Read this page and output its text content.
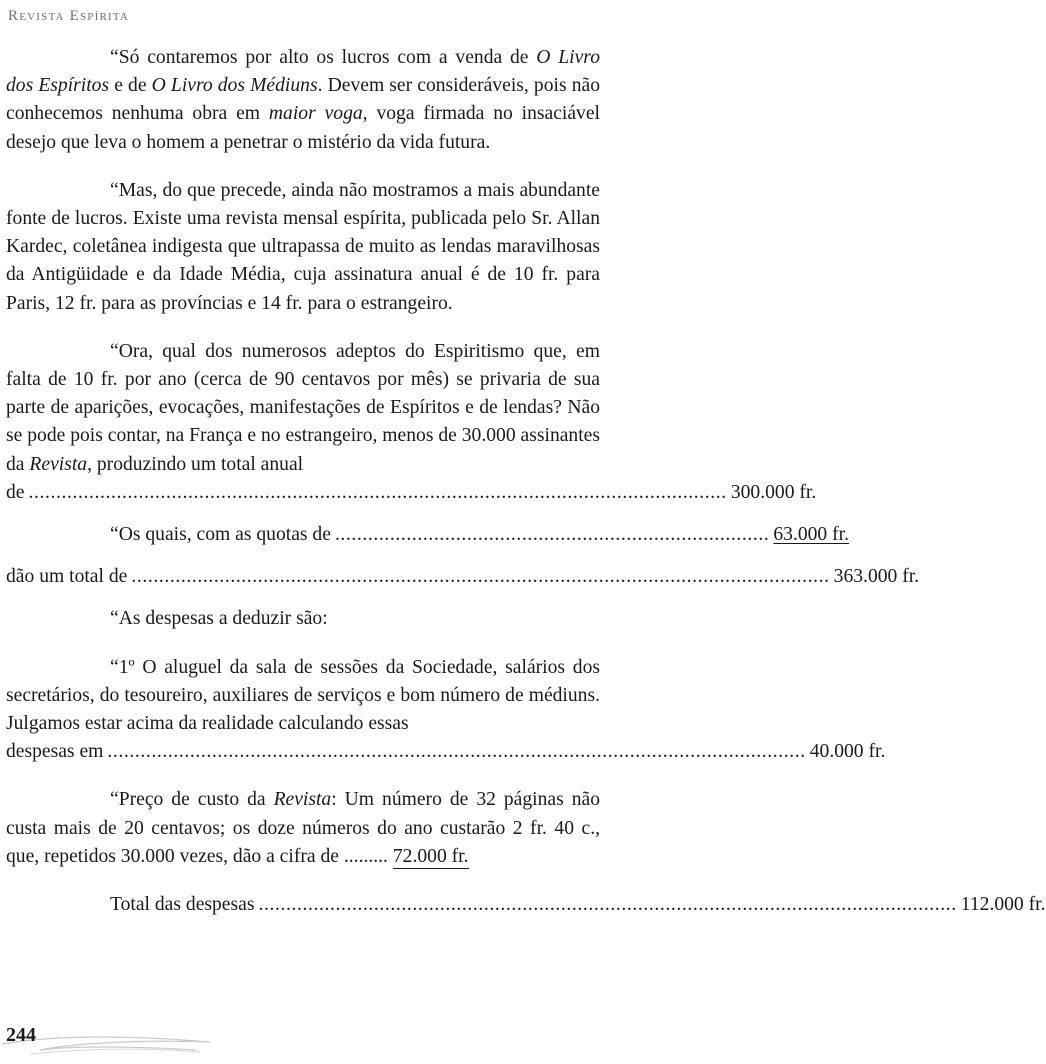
Revista Espírita

“Só contaremos por alto os lucros com a venda de O Livro dos Espíritos e de O Livro dos Médiuns. Devem ser consideráveis, pois não conhecemos nenhuma obra em maior voga, voga firmada no insaciável desejo que leva o homem a penetrar o mistério da vida futura.

“Mas, do que precede, ainda não mostramos a mais abundante fonte de lucros. Existe uma revista mensal espírita, publicada pelo Sr. Allan Kardec, coletânea indigesta que ultrapassa de muito as lendas maravilhosas da Antigüidade e da Idade Média, cuja assinatura anual é de 10 fr. para Paris, 12 fr. para as províncias e 14 fr. para o estrangeiro.

“Ora, qual dos numerosos adeptos do Espiritismo que, em falta de 10 fr. por ano (cerca de 90 centavos por mês) se privaria de sua parte de aparições, evocações, manifestações de Espíritos e de lendas? Não se pode pois contar, na França e no estrangeiro, menos de 30.000 assinantes da Revista, produzindo um total anual

de ............................................................................................................................... 300.000 fr.
“Os quais, com as quotas de ............................................................................... 63.000 fr.
dão um total de ............................................................................................................................... 363.000 fr.

“As despesas a deduzir são:

“1º O aluguel da sala de sessões da Sociedade, salários dos secretários, do tesoureiro, auxiliares de serviços e bom número de médiuns. Julgamos estar acima da realidade calculando essas

despesas em ............................................................................................................................... 40.000 fr.

“Preço de custo da Revista: Um número de 32 páginas não custa mais de 20 centavos; os doze números do ano custarão 2 fr. 40 c., que, repetidos 30.000 vezes, dão a cifra de ......... 72.000 fr.

Total das despesas ............................................................................................................................... 112.000 fr.
244
